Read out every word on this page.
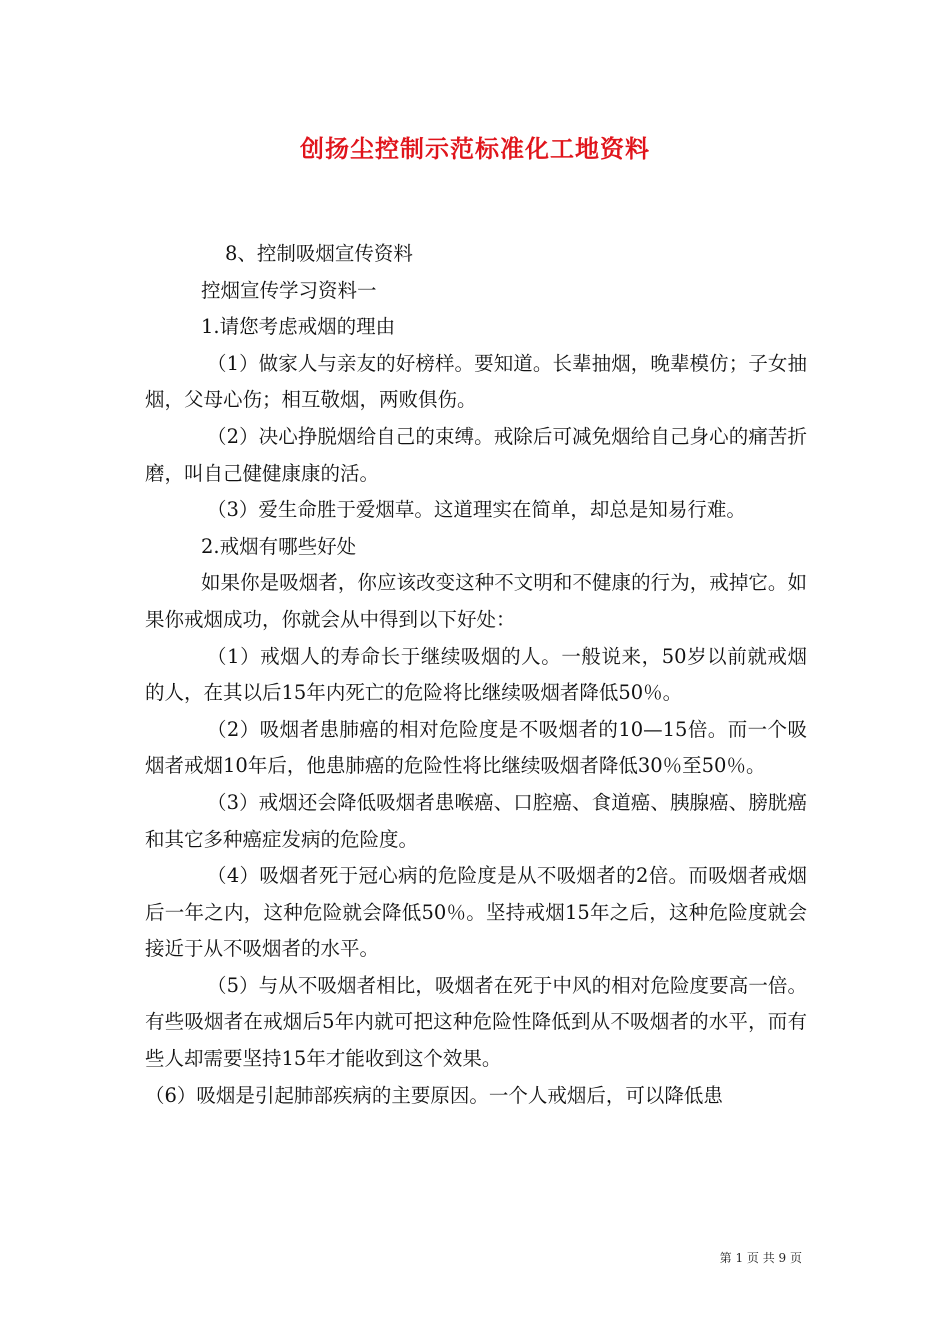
创扬尘控制示范标准化工地资料

8、控制吸烟宣传资料

控烟宣传学习资料一

1.请您考虑戒烟的理由

（1）做家人与亲友的好榜样。要知道。长辈抽烟，晚辈模仿；子女抽烟，父母心伤；相互敬烟，两败俱伤。

（2）决心挣脱烟给自己的束缚。戒除后可减免烟给自己身心的痛苦折磨，叫自己健健康康的活。

（3）爱生命胜于爱烟草。这道理实在简单，却总是知易行难。

2.戒烟有哪些好处

如果你是吸烟者，你应该改变这种不文明和不健康的行为，戒掉它。如果你戒烟成功，你就会从中得到以下好处：

（1）戒烟人的寿命长于继续吸烟的人。一般说来，50岁以前就戒烟的人，在其以后15年内死亡的危险将比继续吸烟者降低50％。

（2）吸烟者患肺癌的相对危险度是不吸烟者的10—15倍。而一个吸烟者戒烟10年后，他患肺癌的危险性将比继续吸烟者降低30％至50％。

（3）戒烟还会降低吸烟者患喉癌、口腔癌、食道癌、胰腺癌、膀胱癌和其它多种癌症发病的危险度。

（4）吸烟者死于冠心病的危险度是从不吸烟者的2倍。而吸烟者戒烟后一年之内，这种危险就会降低50％。坚持戒烟15年之后，这种危险度就会接近于从不吸烟者的水平。

（5）与从不吸烟者相比，吸烟者在死于中风的相对危险度要高一倍。有些吸烟者在戒烟后5年内就可把这种危险性降低到从不吸烟者的水平，而有些人却需要坚持15年才能收到这个效果。

（6）吸烟是引起肺部疾病的主要原因。一个人戒烟后，可以降低患

第 1 页 共 9 页
